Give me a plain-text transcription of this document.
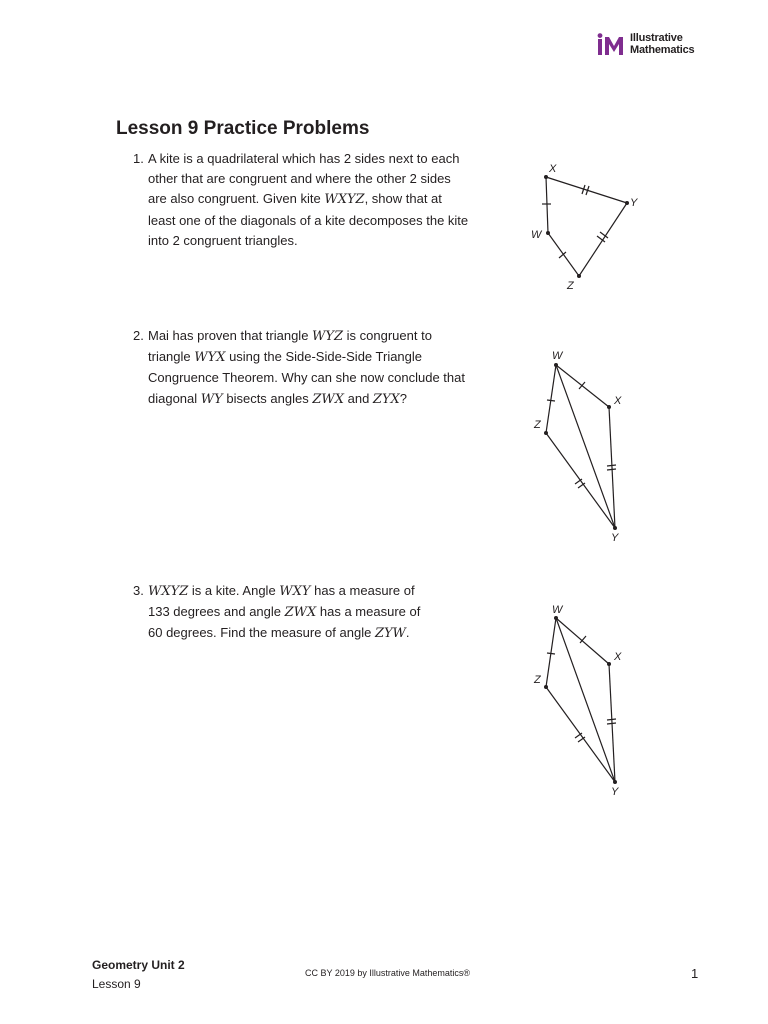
Illustrative
Mathematics
Lesson 9 Practice Problems
1. A kite is a quadrilateral which has 2 sides next to each
other that are congruent and where the other 2 sides
are also congruent. Given kite WXYZ, show that at
least one of the diagonals of a kite decomposes the kite
into 2 congruent triangles.
X
Y
W
Z
2. Mai has proven that triangle WYZ is congruent to
triangle WYX using the Side-Side-Side Triangle
Congruence Theorem. Why can she now conclude that
diagonal WY bisects angles ZWX and ZYX?
W
X
Z
Y
3. WXYZ is a kite. Angle WXY has a measure of
133 degrees and angle ZWX has a measure of
60 degrees. Find the measure of angle ZYW.
W
X
Z
Y
Geometry Unit 2
Lesson 9
CC BY 2019 by Illustrative Mathematics®	1
